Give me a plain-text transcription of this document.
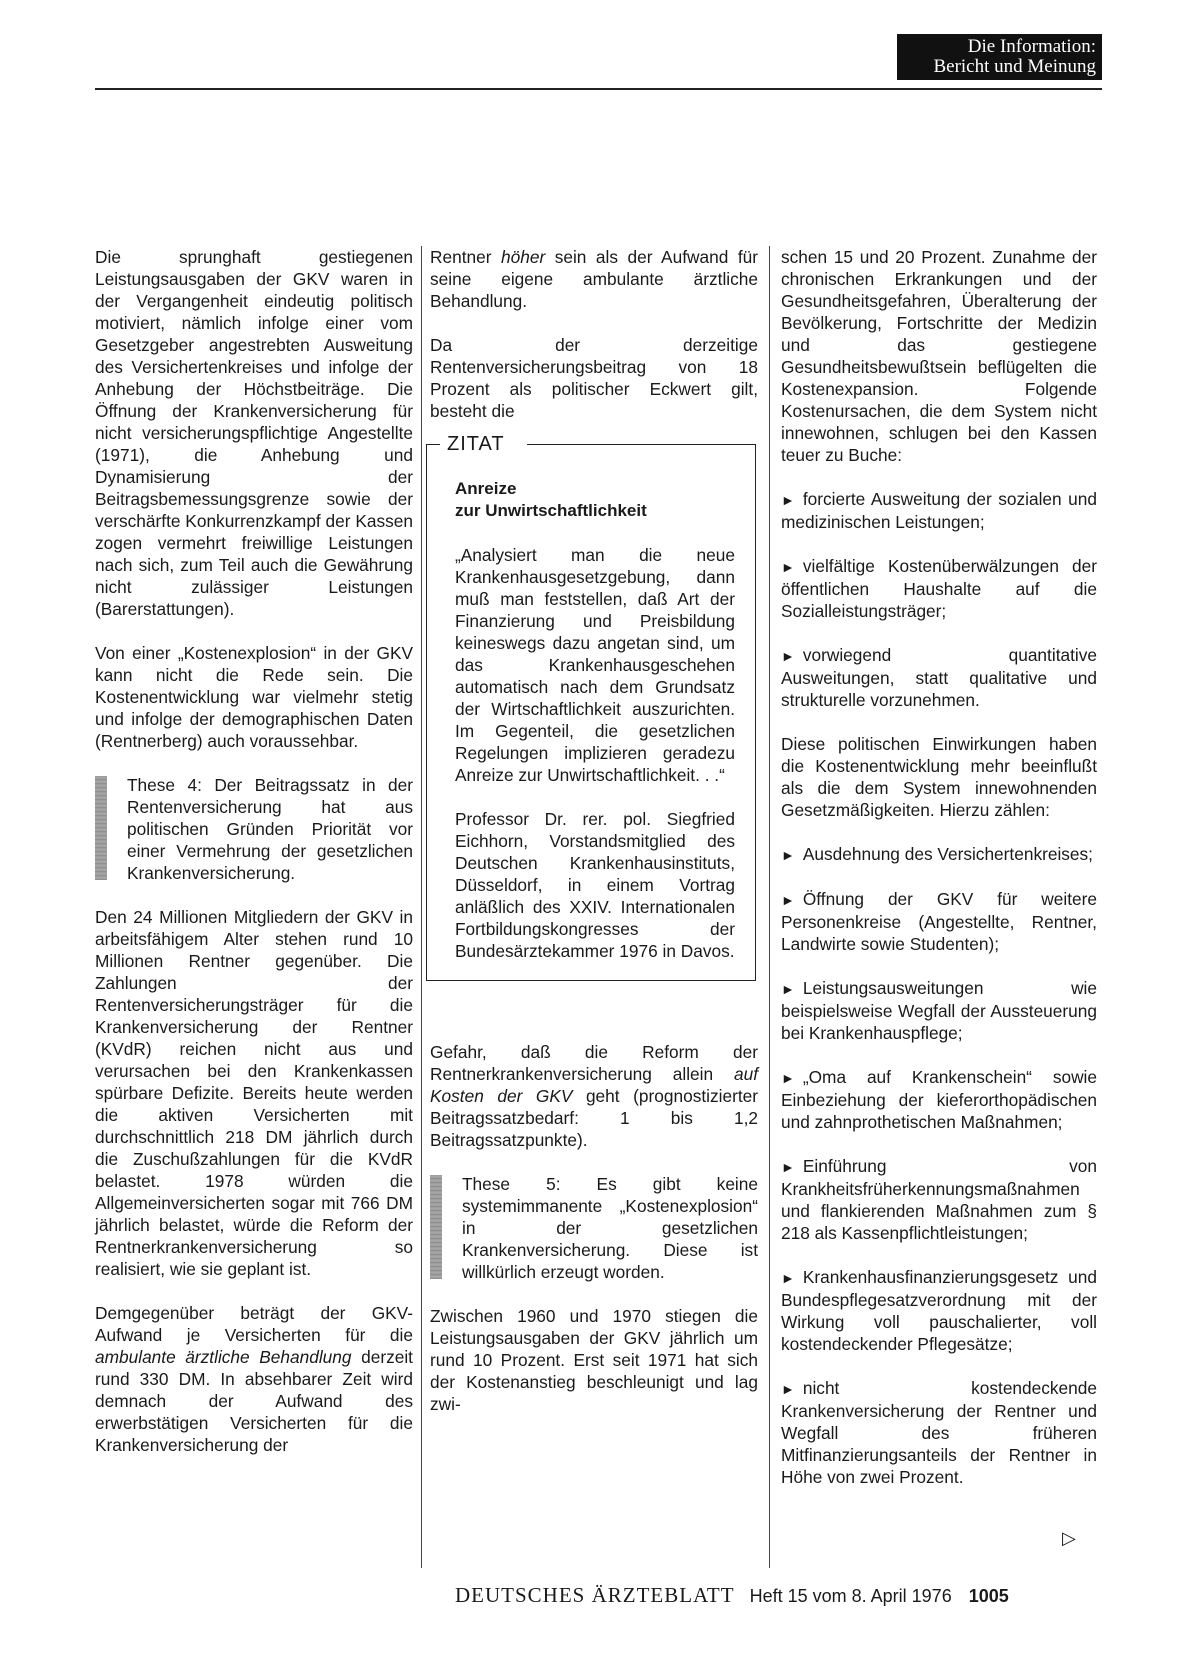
Die Information:
Bericht und Meinung

Die sprunghaft gestiegenen Leistungsausgaben der GKV waren in der Vergangenheit eindeutig politisch motiviert, nämlich infolge einer vom Gesetzgeber angestrebten Ausweitung des Versichertenkreises und infolge der Anhebung der Höchstbeiträge. Die Öffnung der Krankenversicherung für nicht versicherungspflichtige Angestellte (1971), die Anhebung und Dynamisierung der Beitragsbemessungsgrenze sowie der verschärfte Konkurrenzkampf der Kassen zogen vermehrt freiwillige Leistungen nach sich, zum Teil auch die Gewährung nicht zulässiger Leistungen (Barerstattungen).

Von einer „Kostenexplosion“ in der GKV kann nicht die Rede sein. Die Kostenentwicklung war vielmehr stetig und infolge der demographischen Daten (Rentnerberg) auch voraussehbar.

These 4: Der Beitragssatz in der Rentenversicherung hat aus politischen Gründen Priorität vor einer Vermehrung der gesetzlichen Krankenversicherung.

Den 24 Millionen Mitgliedern der GKV in arbeitsfähigem Alter stehen rund 10 Millionen Rentner gegenüber. Die Zahlungen der Rentenversicherungsträger für die Krankenversicherung der Rentner (KVdR) reichen nicht aus und verursachen bei den Krankenkassen spürbare Defizite. Bereits heute werden die aktiven Versicherten mit durchschnittlich 218 DM jährlich durch die Zuschußzahlungen für die KVdR belastet. 1978 würden die Allgemeinversicherten sogar mit 766 DM jährlich belastet, würde die Reform der Rentnerkrankenversicherung so realisiert, wie sie geplant ist.

Demgegenüber beträgt der GKV-Aufwand je Versicherten für die ambulante ärztliche Behandlung derzeit rund 330 DM. In absehbarer Zeit wird demnach der Aufwand des erwerbstätigen Versicherten für die Krankenversicherung der

Rentner höher sein als der Aufwand für seine eigene ambulante ärztliche Behandlung.

Da der derzeitige Rentenversicherungsbeitrag von 18 Prozent als politischer Eckwert gilt, besteht die

ZITAT
Anreize
zur Unwirtschaftlichkeit

„Analysiert man die neue Krankenhausgesetzgebung, dann muß man feststellen, daß Art der Finanzierung und Preisbildung keineswegs dazu angetan sind, um das Krankenhausgeschehen automatisch nach dem Grundsatz der Wirtschaftlichkeit auszurichten. Im Gegenteil, die gesetzlichen Regelungen implizieren geradezu Anreize zur Unwirtschaftlichkeit. . .“

Professor Dr. rer. pol. Siegfried Eichhorn, Vorstandsmitglied des Deutschen Krankenhausinstituts, Düsseldorf, in einem Vortrag anläßlich des XXIV. Internationalen Fortbildungskongresses der Bundesärztekammer 1976 in Davos.

Gefahr, daß die Reform der Rentnerkrankenversicherung allein auf Kosten der GKV geht (prognostizierter Beitragssatzbedarf: 1 bis 1,2 Beitragssatzpunkte).

These 5: Es gibt keine systemimmanente „Kostenexplosion“ in der gesetzlichen Krankenversicherung. Diese ist willkürlich erzeugt worden.

Zwischen 1960 und 1970 stiegen die Leistungsausgaben der GKV jährlich um rund 10 Prozent. Erst seit 1971 hat sich der Kostenanstieg beschleunigt und lag zwi-

schen 15 und 20 Prozent. Zunahme der chronischen Erkrankungen und der Gesundheitsgefahren, Überalterung der Bevölkerung, Fortschritte der Medizin und das gestiegene Gesundheitsbewußtsein beflügelten die Kostenexpansion. Folgende Kostenursachen, die dem System nicht innewohnen, schlugen bei den Kassen teuer zu Buche:

► forcierte Ausweitung der sozialen und medizinischen Leistungen;

► vielfältige Kostenüberwälzungen der öffentlichen Haushalte auf die Sozialleistungsträger;

► vorwiegend quantitative Ausweitungen, statt qualitative und strukturelle vorzunehmen.

Diese politischen Einwirkungen haben die Kostenentwicklung mehr beeinflußt als die dem System innewohnenden Gesetzmäßigkeiten. Hierzu zählen:

► Ausdehnung des Versichertenkreises;

► Öffnung der GKV für weitere Personenkreise (Angestellte, Rentner, Landwirte sowie Studenten);

► Leistungsausweitungen wie beispielsweise Wegfall der Aussteuerung bei Krankenhauspflege;

► „Oma auf Krankenschein“ sowie Einbeziehung der kieferorthopädischen und zahnprothetischen Maßnahmen;

► Einführung von Krankheitsfrüherkennungsmaßnahmen und flankierenden Maßnahmen zum § 218 als Kassenpflichtleistungen;

► Krankenhausfinanzierungsgesetz und Bundespflegesatzverordnung mit der Wirkung voll pauschalierter, voll kostendeckender Pflegesätze;

► nicht kostendeckende Krankenversicherung der Rentner und Wegfall des früheren Mitfinanzierungsanteils der Rentner in Höhe von zwei Prozent.

▷
DEUTSCHES ÄRZTEBLATT Heft 15 vom 8. April 1976 1005
